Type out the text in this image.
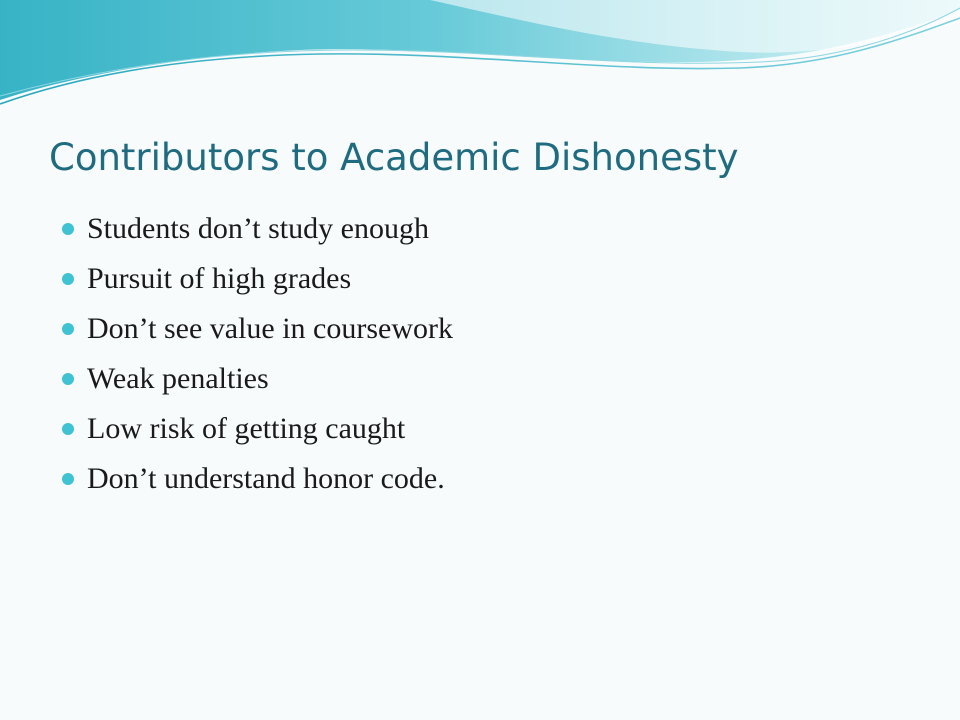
Contributors to Academic Dishonesty
Students don’t study enough
Pursuit of high grades
Don’t see value in coursework
Weak penalties
Low risk of getting caught
Don’t understand honor code.
